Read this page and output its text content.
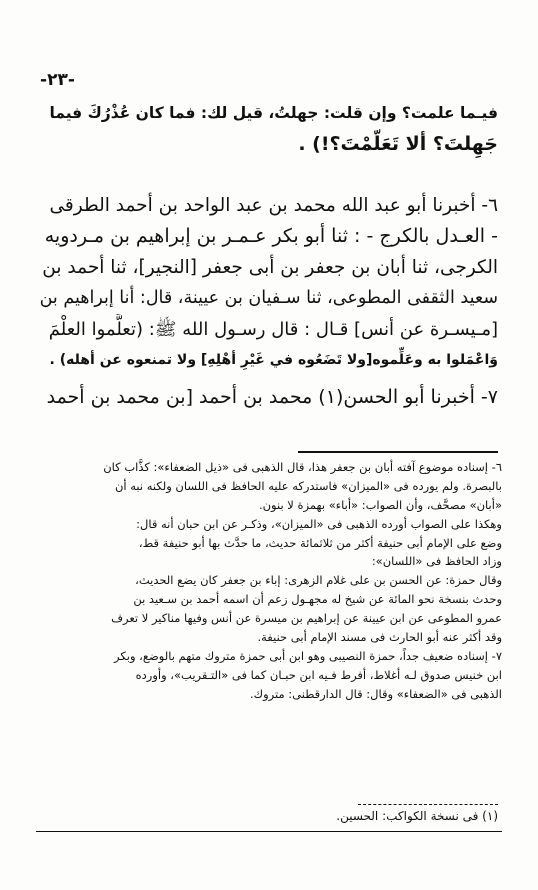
-٢٣-
فيـما علمت؟ وإن قلت: جهلتُ، قيل لك: فما كان عُذْرُكَ فيما
جَهِلتَ؟ ألا تَعَلَّمْتَ؟!) .
٦- أخبرنا أبو عبد الله محمد بن عبد الواحد بن أحمد الطرقى
- العـدل بالكرج - : ثنا أبو بكر عـمـر بن إبراهيم بن مـردويه
الكرجى، ثنا أبان بن جعفر بن أبى جعفر [النجير]، ثنا أحمد بن
سعيد الثقفى المطوعى، ثنا سـفيان بن عيينة، قال: أنا إبراهيم بن
[مـيسـرة عن أنس] قـال : قال رسـول الله ﷺ: (تعلَّموا العلْمَ
وَاعْمَلوا به وعَلِّموه[ولا تَضَعُوه في غَيْرِ أهْلِهِ] ولا تمنعوه عن أهله) .
٧- أخبرنا أبو الحسن(١) محمد بن أحمد [بن محمد بن أحمد
٦- إسناده موضوع آفته أبان بن جعفر هذا، قال الذهبى فى «ذيل الضعفاء»: كذَّاب كان
بالبصرة. ولم يورده فى «الميزان» فاستدركه عليه الحافظ فى اللسان ولكنه نبه أن
«أبان» مصحَّف، وأن الصواب: «أباء» بهمزة لا بنون.
وهكذا على الصواب أورده الذهبى فى «الميزان»، وذكـر عن ابن حبان أنه قال:
وضع على الإمام أبى حنيفة أكثر من ثلاثمائة حديث، ما حدَّث بها أبو حنيفة قط،
وزاد الحافظ فى «اللسان»:
وقال حمزة: عن الحسن بن على غلام الزهرى: إباء بن جعفر كان يضع الحديث،
وحدث بنسخة نحو المائة عن شيخ له مجهـول زعم أن اسمه أحمد بن سـعيد بن
عمرو المطوعى عن ابن عيينة عن إبراهيم بن ميسرة عن أنس وفيها مناكير لا تعرف
وقد أكثر عنه أبو الحارث فى مسند الإمام أبى حنيفة.
٧- إسناده ضعيف جداً، حمزة النصيبى وهو ابن أبى حمزة متروك متهم بالوضع، وبكر
ابن خنيس صدوق لـه أغلاط، أفرط فـيه ابن حبـان كما فى «التـقريب»، وأورده
الذهبى فى «الضعفاء» وقال: قال الدارقطنى: متروك.
(١) فى نسخة الكواكب: الحسين.
